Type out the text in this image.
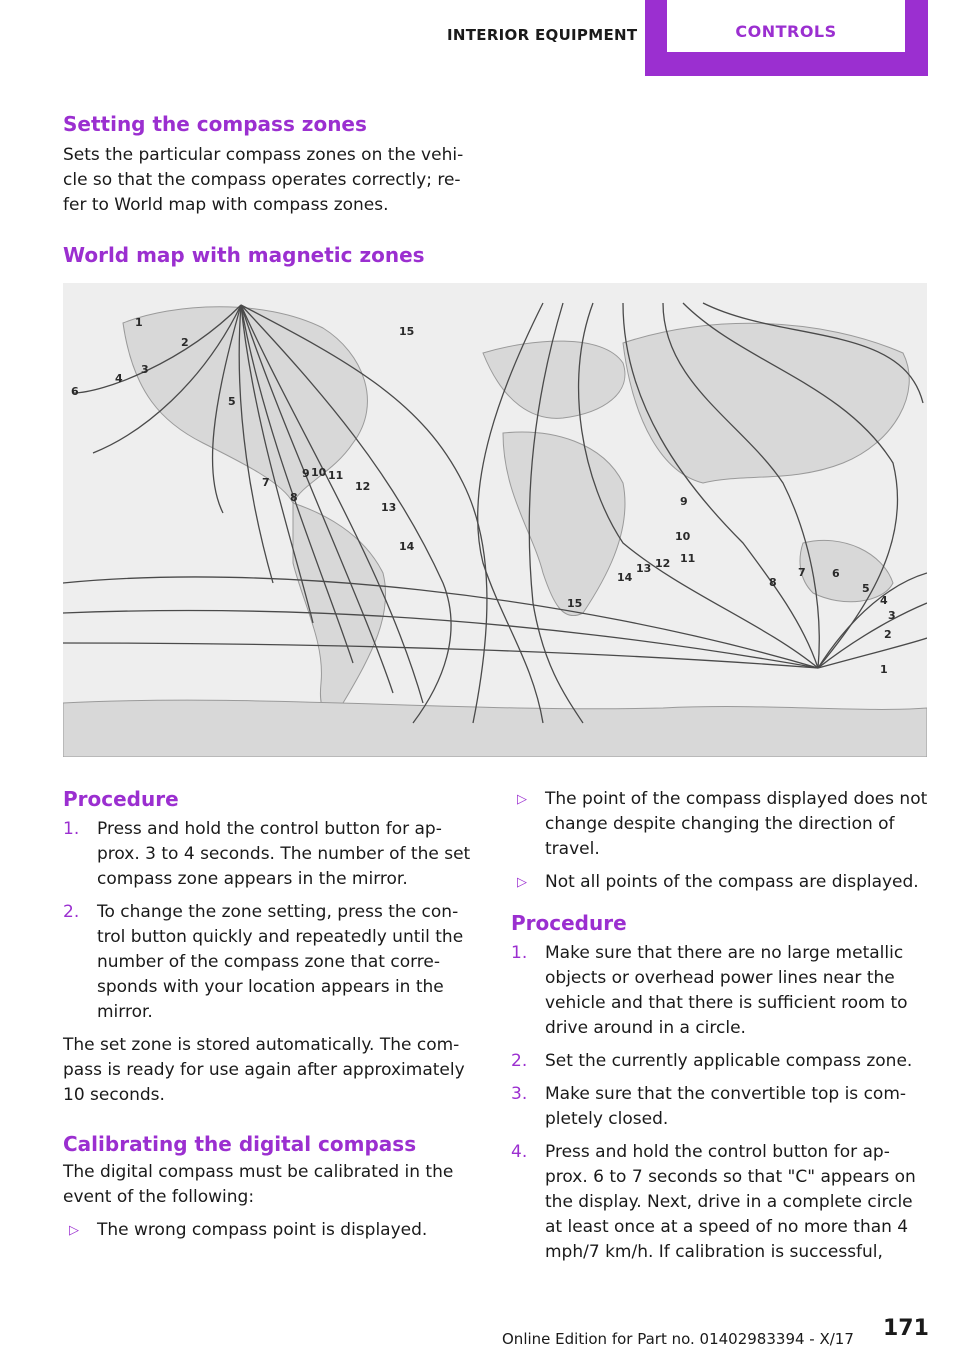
INTERIOR EQUIPMENT	CONTROLS
Setting the compass zones

Sets the particular compass zones on the vehi‐ cle so that the compass operates correctly; re‐ fer to World map with compass zones.

World map with magnetic zones
1
2
3
4
5
6
7
8
9 10 11
12
13
14
15
1
2
3
4
5
6
7
8
9
10
11
12
13
14
15
Procedure
1. Press and hold the control button for ap‐ prox. 3 to 4 seconds. The number of the set compass zone appears in the mirror.
2. To change the zone setting, press the con‐ trol button quickly and repeatedly until the number of the compass zone that corre‐ sponds with your location appears in the mirror.

The set zone is stored automatically. The com‐ pass is ready for use again after approximately 10 seconds.

Calibrating the digital compass

The digital compass must be calibrated in the event of the following:

▷ The wrong compass point is displayed.
▷ The point of the compass displayed does not change despite changing the direction of travel.
▷ Not all points of the compass are displayed.
Procedure
1. Make sure that there are no large metallic objects or overhead power lines near the vehicle and that there is sufficient room to drive around in a circle.
2. Set the currently applicable compass zone.
3. Make sure that the convertible top is com‐ pletely closed.
4. Press and hold the control button for ap‐ prox. 6 to 7 seconds so that "C" appears on the display. Next, drive in a complete circle at least once at a speed of no more than 4 mph/7 km/h. If calibration is successful,
Online Edition for Part no. 01402983394 - X/17 171
